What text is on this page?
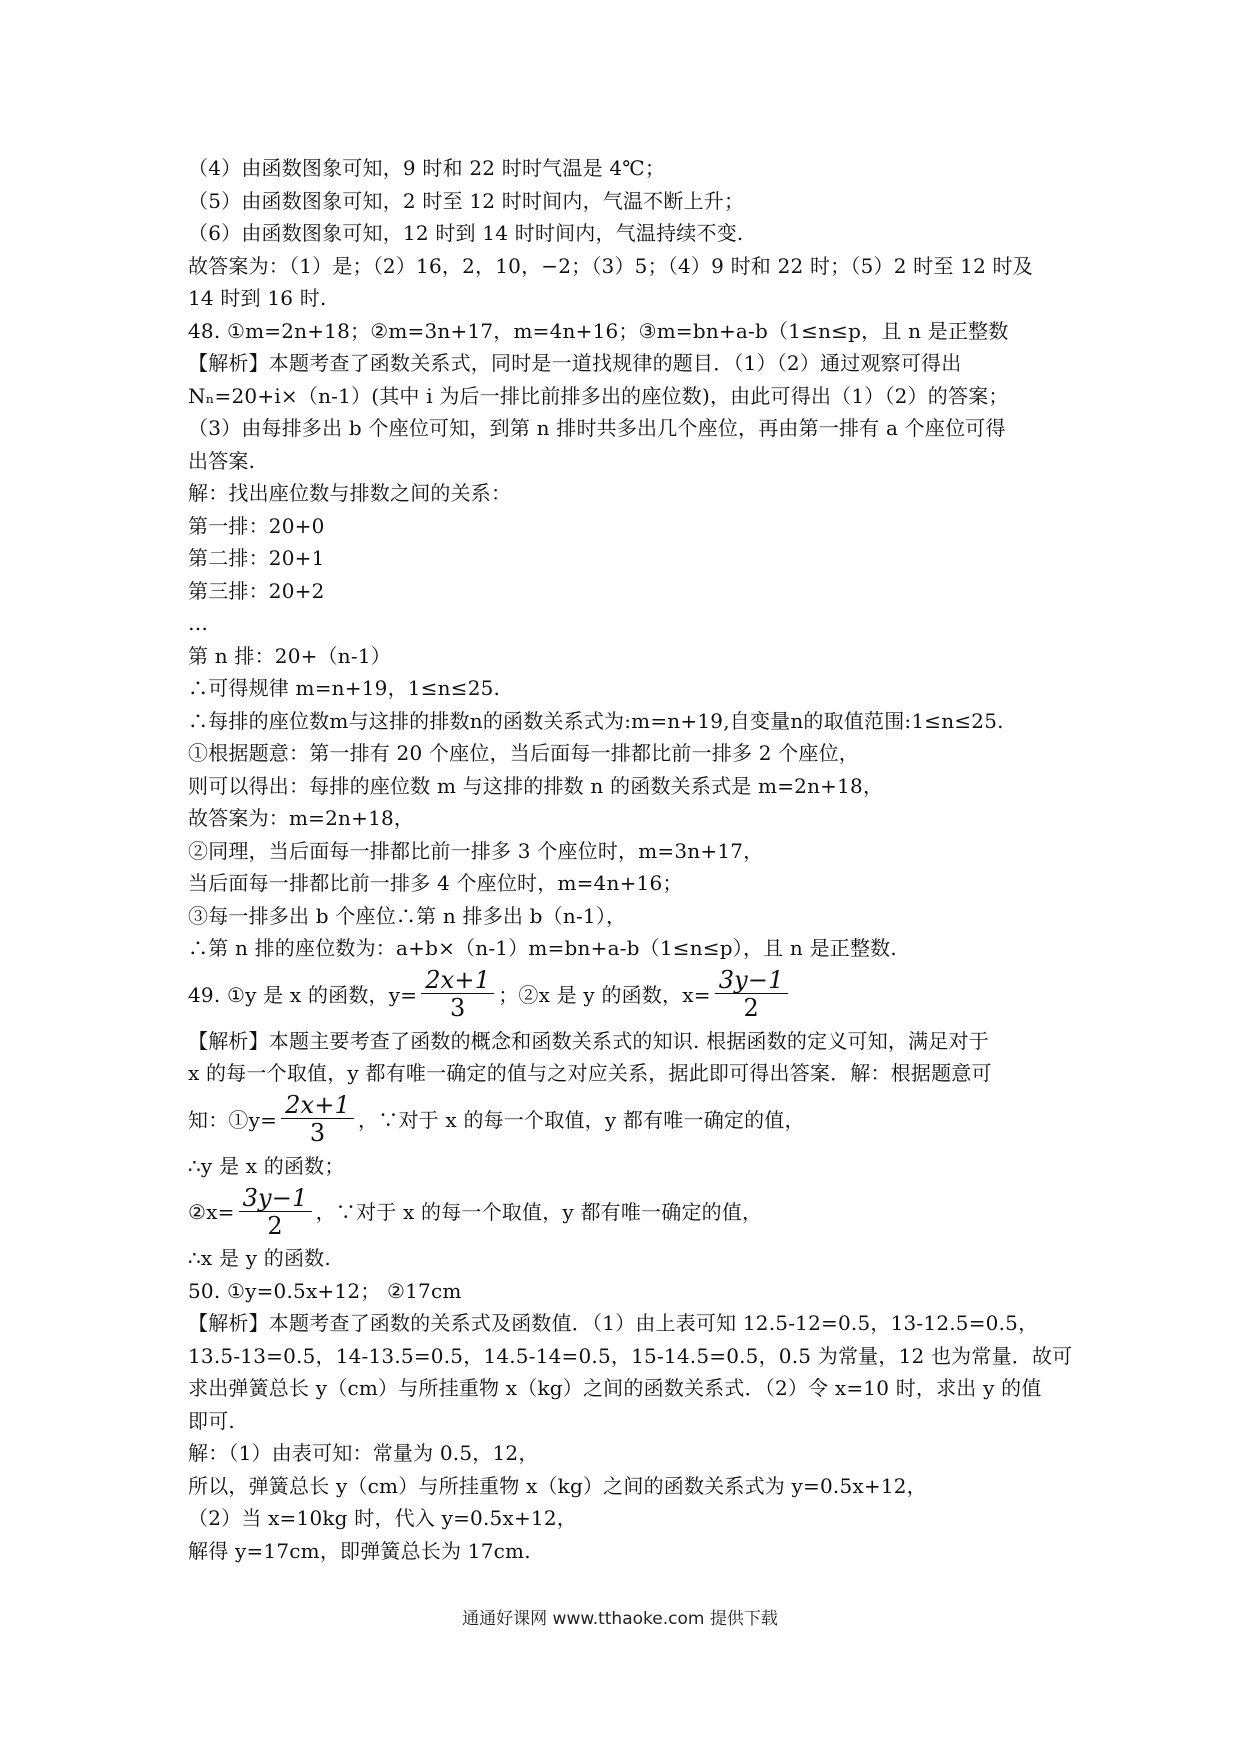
（4）由函数图象可知，9 时和 22 时时气温是 4℃；
（5）由函数图象可知，2 时至 12 时时间内，气温不断上升；
（6）由函数图象可知，12 时到 14 时时间内，气温持续不变.
故答案为：（1）是；（2）16，2，10，−2；（3）5；（4）9 时和 22 时；（5）2 时至 12 时及
14 时到 16 时.
48. ①m=2n+18；②m=3n+17，m=4n+16；③m=bn+a-b（1≤n≤p，且 n 是正整数
【解析】本题考查了函数关系式，同时是一道找规律的题目．（1）（2）通过观察可得出
Nₙ=20+i×（n-1）(其中 i 为后一排比前排多出的座位数)，由此可得出（1）（2）的答案；
（3）由每排多出 b 个座位可知，到第 n 排时共多出几个座位，再由第一排有 a 个座位可得
出答案.
解：找出座位数与排数之间的关系：
第一排：20+0
第二排：20+1
第三排：20+2
…
第 n 排：20+（n-1）
∴可得规律 m=n+19，1≤n≤25.
∴每排的座位数m与这排的排数n的函数关系式为:m=n+19,自变量n的取值范围:1≤n≤25.
①根据题意：第一排有 20 个座位，当后面每一排都比前一排多 2 个座位，
则可以得出：每排的座位数 m 与这排的排数 n 的函数关系式是 m=2n+18，
故答案为：m=2n+18，
②同理，当后面每一排都比前一排多 3 个座位时，m=3n+17，
当后面每一排都比前一排多 4 个座位时，m=4n+16；
③每一排多出 b 个座位∴第 n 排多出 b（n-1），
∴第 n 排的座位数为：a+b×（n-1）m=bn+a-b（1≤n≤p），且 n 是正整数.
49. ①y 是 x 的函数，$y= \frac{2x+1}{3}$ ；②x 是 y 的函数，$x= \frac{3y-1}{2}$
【解析】本题主要考查了函数的概念和函数关系式的知识. 根据函数的定义可知，满足对于
x 的每一个取值，y 都有唯一确定的值与之对应关系，据此即可得出答案．解：根据题意可
知：①y= $\frac{2x+1}{3}$ ，∵对于 x 的每一个取值，y 都有唯一确定的值，
∴y 是 x 的函数；
②x= $\frac{3y-1}{2}$ ，∵对于 x 的每一个取值，y 都有唯一确定的值，
∴x 是 y 的函数.
50. ①y=0.5x+12； ②17cm
【解析】本题考查了函数的关系式及函数值．（1）由上表可知 12.5-12=0.5，13-12.5=0.5，
13.5-13=0.5，14-13.5=0.5，14.5-14=0.5，15-14.5=0.5，0.5 为常量，12 也为常量．故可
求出弹簧总长 y（cm）与所挂重物 x（kg）之间的函数关系式．（2）令 x=10 时，求出 y 的值
即可.
解：（1）由表可知：常量为 0.5，12，
所以，弹簧总长 y（cm）与所挂重物 x（kg）之间的函数关系式为 y=0.5x+12，
（2）当 x=10kg 时，代入 y=0.5x+12，
解得 y=17cm，即弹簧总长为 17cm.
通通好课网 www.tthaoke.com 提供下载
